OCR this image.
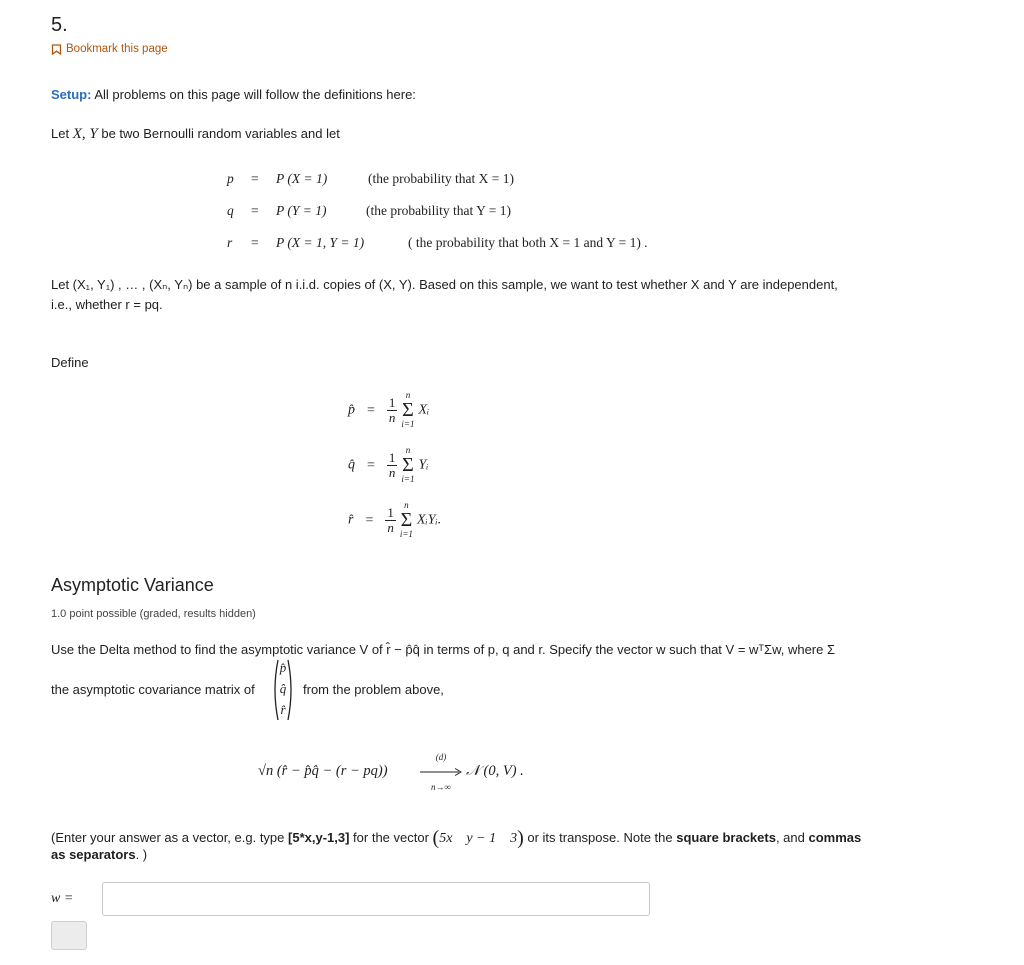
5.
Bookmark this page
Setup: All problems on this page will follow the definitions here:
Let X, Y be two Bernoulli random variables and let
p = P (X = 1)	(the probability that X = 1)
q = P (Y = 1)	(the probability that Y = 1)
r = P (X = 1, Y = 1)	( the probability that both X = 1 and Y = 1) .
Let (X₁, Y₁) , … , (Xₙ, Yₙ) be a sample of n i.i.d. copies of (X, Y). Based on this sample, we want to test whether X and Y are independent,
i.e., whether r = pq.
Define
p̂ = $\frac{1}{n}$

n
Σ
i=1
Xᵢ
q̂ = $\frac{1}{n}$

n
Σ
i=1
Yᵢ
r̂ = $\frac{1}{n}$

n
Σ
i=1
XᵢYᵢ.
Asymptotic Variance
1.0 point possible (graded, results hidden)
Use the Delta method to find the asymptotic variance V of r̂ − p̂q̂ in terms of p, q and r. Specify the vector w such that V = wᵀΣw, where Σ
the asymptotic covariance matrix of
p̂
q̂
r̂
from the problem above,
√n (r̂ − p̂q̂ − (r − pq))
(d)
n→∞
𝒩 (0, V) .
(Enter your answer as a vector, e.g. type [5*x,y-1,3] for the vector (5x    y − 1    3) or its transpose. Note the square brackets, and commas
as separators. )
w =
